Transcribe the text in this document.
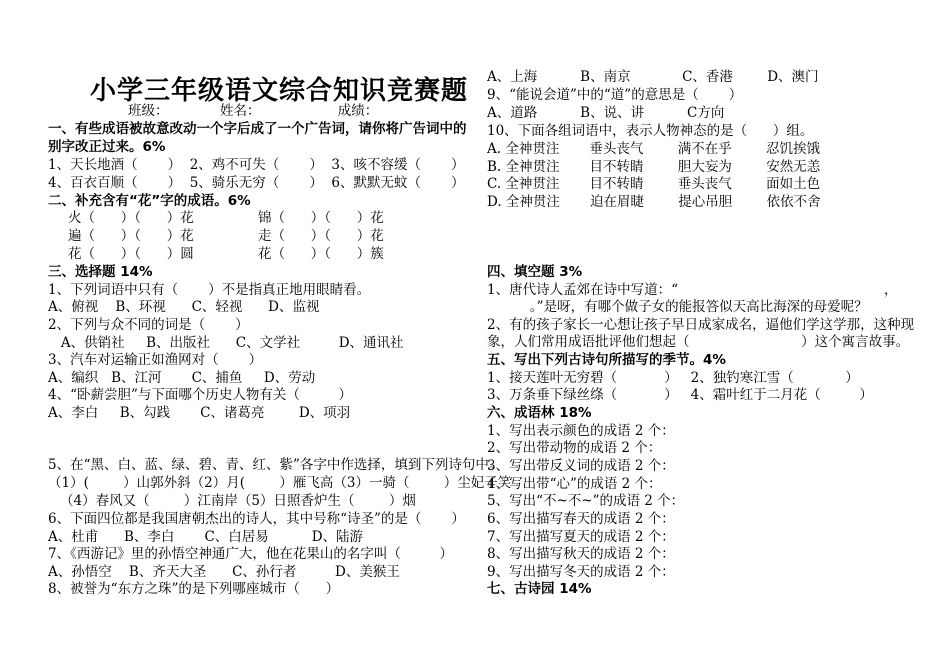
小学三年级语文综合知识竞赛题
班级：            姓名：                  成绩：
一、有些成语被故意改动一个字后成了一个广告词，请你将广告词中的
别字改正过来。6%
1、天长地酒（       ）  2、鸡不可失（       ）  3、咳不容缓（       ）
4、百衣百顺（       ）  5、骑乐无穷（       ）  6、默默无蚊（       ）
二、补充含有“花”字的成语。6%
火（      ）（      ）花	锦（      ）（      ）花
遍（      ）（      ）花	走（      ）（      ）花
花（      ）（      ）圆	花（      ）（      ）簇
三、选择题 14%
1、下列词语中只有（       ）不是指真正地用眼睛看。
A、俯视    B、环视      C、轻视      D、监视
2、下列与众不同的词是（       ）
A、供销社     B、出版社      C、文学社         D、通讯社
3、汽车对运输正如渔网对（       ）
A、编织   B、江河       C、捕鱼     D、劳动
4、“卧薪尝胆”与下面哪个历史人物有关（         ）
A、李白     B、勾践       C、诸葛亮        D、项羽
5、在“黑、白、蓝、绿、碧、青、红、紫”各字中作选择，填到下列诗句中。
（1）(        ）山郭外斜（2）月(        ）雁飞高（3）一骑（        ）尘妃子笑
（4）春风又（        ）江南岸（5）日照香炉生（        ）烟
6、下面四位都是我国唐朝杰出的诗人，其中号称“诗圣”的是（       ）
A、杜甫      B、李白       C、白居易          D、陆游
7、《西游记》里的孙悟空神通广大，他在花果山的名字叫（         ）
A、孙悟空    B、齐天大圣      C、孙行者         D、美猴王
8、被誉为“东方之珠”的是下列哪座城市（      ）
A、上海          B、南京            C、香港        D、澳门
9、“能说会道”中的“道”的意思是（       ）
A、道路          B、说、讲          C方向
10、下面各组词语中，表示人物神态的是（      ）组。
A. 全神贯注       垂头丧气        满不在乎        忍饥挨饿
B. 全神贯注       目不转睛        胆大妄为        安然无恙
C. 全神贯注       目不转睛        垂头丧气        面如土色
D. 全神贯注       迫在眉睫        提心吊胆        依依不舍
四、填空题 3%
1、唐代诗人孟郊在诗中写道：“                                                ，
。”是呀，有哪个做子女的能报答似天高比海深的母爱呢？
2、有的孩子家长一心想让孩子早日成家成名，逼他们学这学那，这种现
象，人们常用成语批评他们想起（                          ）这个寓言故事。
五、写出下列古诗句所描写的季节。4%
1、接天莲叶无穷碧（           ）   2、独钓寒江雪（            ）
3、万条垂下绿丝绦（           ）   4、霜叶红于二月花（         ）
六、成语林 18%
1、写出表示颜色的成语 2 个：
2、写出带动物的成语 2 个：
3、写出带反义词的成语 2 个：
4、写出带“心”的成语 2 个：
5、写出“不~不~”的成语 2 个：
6、写出描写春天的成语 2 个：
7、写出描写夏天的成语 2 个：
8、写出描写秋天的成语 2 个：
9、写出描写冬天的成语 2 个：
七、古诗园 14%
